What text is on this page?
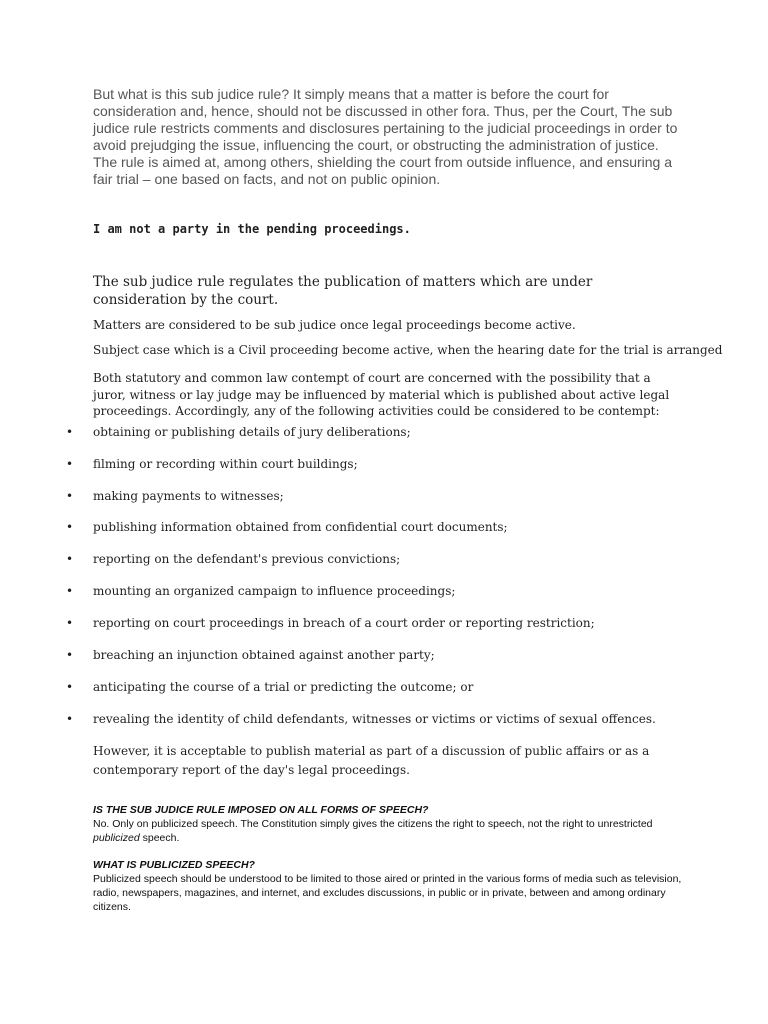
But what is this sub judice rule? It simply means that a matter is before the court for consideration and, hence, should not be discussed in other fora. Thus, per the Court, The sub judice rule restricts comments and disclosures pertaining to the judicial proceedings in order to avoid prejudging the issue, influencing the court, or obstructing the administration of justice. The rule is aimed at, among others, shielding the court from outside influence, and ensuring a fair trial – one based on facts, and not on public opinion.

I am not a party in the pending proceedings.

The sub judice rule regulates the publication of matters which are under consideration by the court.

Matters are considered to be sub judice once legal proceedings become active.

Subject case which is a Civil proceeding become active, when the hearing date for the trial is arranged

Both statutory and common law contempt of court are concerned with the possibility that a juror, witness or lay judge may be influenced by material which is published about active legal proceedings. Accordingly, any of the following activities could be considered to be contempt:

• obtaining or publishing details of jury deliberations;
• filming or recording within court buildings;
• making payments to witnesses;
• publishing information obtained from confidential court documents;
• reporting on the defendant's previous convictions;
• mounting an organized campaign to influence proceedings;
• reporting on court proceedings in breach of a court order or reporting restriction;
• breaching an injunction obtained against another party;
• anticipating the course of a trial or predicting the outcome; or
• revealing the identity of child defendants, witnesses or victims or victims of sexual offences.

However, it is acceptable to publish material as part of a discussion of public affairs or as a contemporary report of the day's legal proceedings.

IS THE SUB JUDICE RULE IMPOSED ON ALL FORMS OF SPEECH?

No. Only on publicized speech. The Constitution simply gives the citizens the right to speech, not the right to unrestricted publicized speech.

WHAT IS PUBLICIZED SPEECH?

Publicized speech should be understood to be limited to those aired or printed in the various forms of media such as television, radio, newspapers, magazines, and internet, and excludes discussions, in public or in private, between and among ordinary citizens.
